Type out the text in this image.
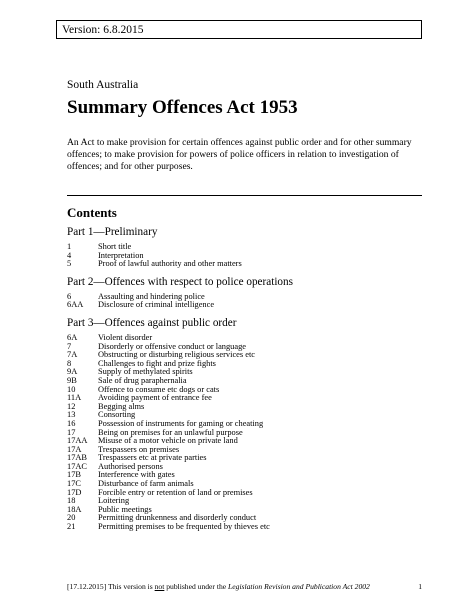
Version: 6.8.2015
South Australia
Summary Offences Act 1953

An Act to make provision for certain offences against public order and for other summary offences; to make provision for powers of police officers in relation to investigation of offences; and for other purposes.

Contents
Part 1—Preliminary
1	Short title
4	Interpretation
5	Proof of lawful authority and other matters
Part 2—Offences with respect to police operations
6	Assaulting and hindering police
6AA	Disclosure of criminal intelligence
Part 3—Offences against public order
6A	Violent disorder
7	Disorderly or offensive conduct or language
7A	Obstructing or disturbing religious services etc
8	Challenges to fight and prize fights
9A	Supply of methylated spirits
9B	Sale of drug paraphernalia
10	Offence to consume etc dogs or cats
11A	Avoiding payment of entrance fee
12	Begging alms
13	Consorting
16	Possession of instruments for gaming or cheating
17	Being on premises for an unlawful purpose
17AA	Misuse of a motor vehicle on private land
17A	Trespassers on premises
17AB	Trespassers etc at private parties
17AC	Authorised persons
17B	Interference with gates
17C	Disturbance of farm animals
17D	Forcible entry or retention of land or premises
18	Loitering
18A	Public meetings
20	Permitting drunkenness and disorderly conduct
21	Permitting premises to be frequented by thieves etc
[17.12.2015] This version is not published under the Legislation Revision and Publication Act 2002	1
